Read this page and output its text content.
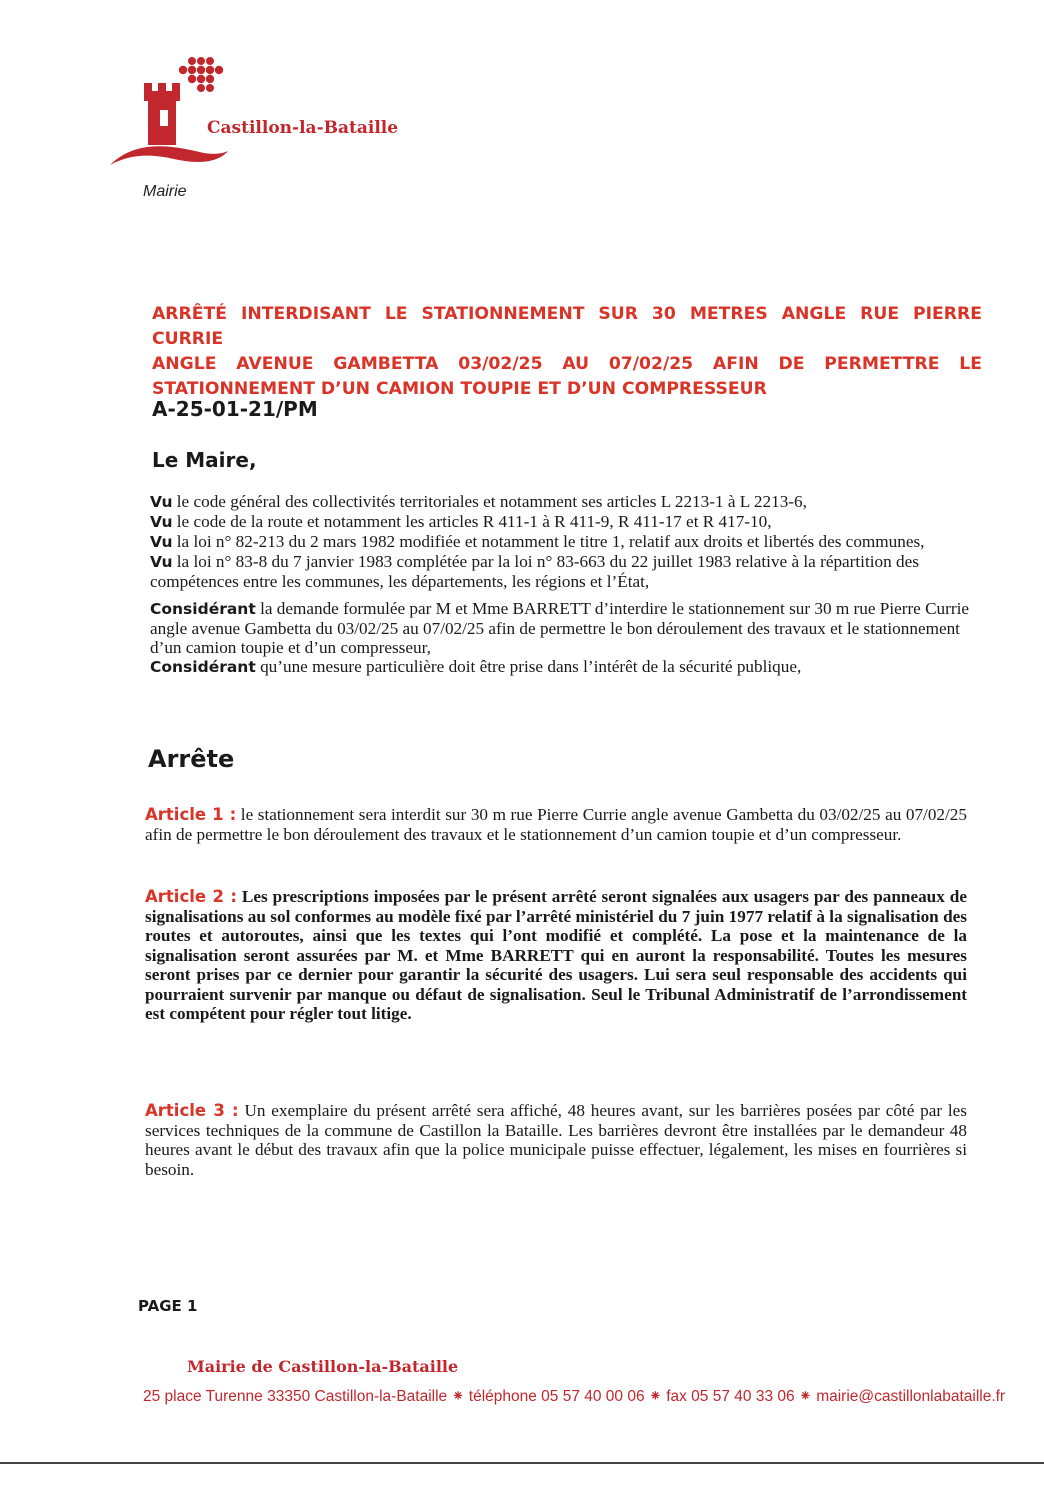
Castillon-la-Bataille
Mairie
ARRÊTÉ INTERDISANT LE STATIONNEMENT SUR 30 METRES ANGLE RUE PIERRE CURRIE
ANGLE AVENUE GAMBETTA 03/02/25 AU 07/02/25 AFIN DE PERMETTRE LE
STATIONNEMENT D’UN CAMION TOUPIE ET D’UN COMPRESSEUR
A-25-01-21/PM
Le Maire,

Vu le code général des collectivités territoriales et notamment ses articles L 2213-1 à L 2213-6,

Vu le code de la route et notamment les articles R 411-1 à R 411-9, R 411-17 et R 417-10,

Vu la loi n° 82-213 du 2 mars 1982 modifiée et notamment le titre 1, relatif aux droits et libertés des communes,

Vu la loi n° 83-8 du 7 janvier 1983 complétée par la loi n° 83-663 du 22 juillet 1983 relative à la répartition des compétences entre les communes, les départements, les régions et l’État,

Considérant la demande formulée par M et Mme BARRETT d’interdire le stationnement sur 30 m rue Pierre Currie angle avenue Gambetta du 03/02/25 au 07/02/25 afin de permettre le bon déroulement des travaux et le stationnement d’un camion toupie et d’un compresseur,

Considérant qu’une mesure particulière doit être prise dans l’intérêt de la sécurité publique,

Arrête
Article 1 : le stationnement sera interdit sur 30 m rue Pierre Currie angle avenue Gambetta du 03/02/25 au 07/02/25 afin de permettre le bon déroulement des travaux et le stationnement d’un camion toupie et d’un compresseur.
Article 2 : Les prescriptions imposées par le présent arrêté seront signalées aux usagers par des panneaux de signalisations au sol conformes au modèle fixé par l’arrêté ministériel du 7 juin 1977 relatif à la signalisation des routes et autoroutes, ainsi que les textes qui l’ont modifié et complété. La pose et la maintenance de la signalisation seront assurées par M. et Mme BARRETT qui en auront la responsabilité. Toutes les mesures seront prises par ce dernier pour garantir la sécurité des usagers. Lui sera seul responsable des accidents qui pourraient survenir par manque ou défaut de signalisation. Seul le Tribunal Administratif de l’arrondissement est compétent pour régler tout litige.
Article 3 : Un exemplaire du présent arrêté sera affiché, 48 heures avant, sur les barrières posées par côté par les services techniques de la commune de Castillon la Bataille. Les barrières devront être installées par le demandeur 48 heures avant le début des travaux afin que la police municipale puisse effectuer, légalement, les mises en fourrières si besoin.
PAGE 1
Mairie de Castillon-la-Bataille
25 place Turenne 33350 Castillon-la-Bataille ⁕ téléphone 05 57 40 00 06 ⁕ fax 05 57 40 33 06 ⁕ mairie@castillonlabataille.fr
